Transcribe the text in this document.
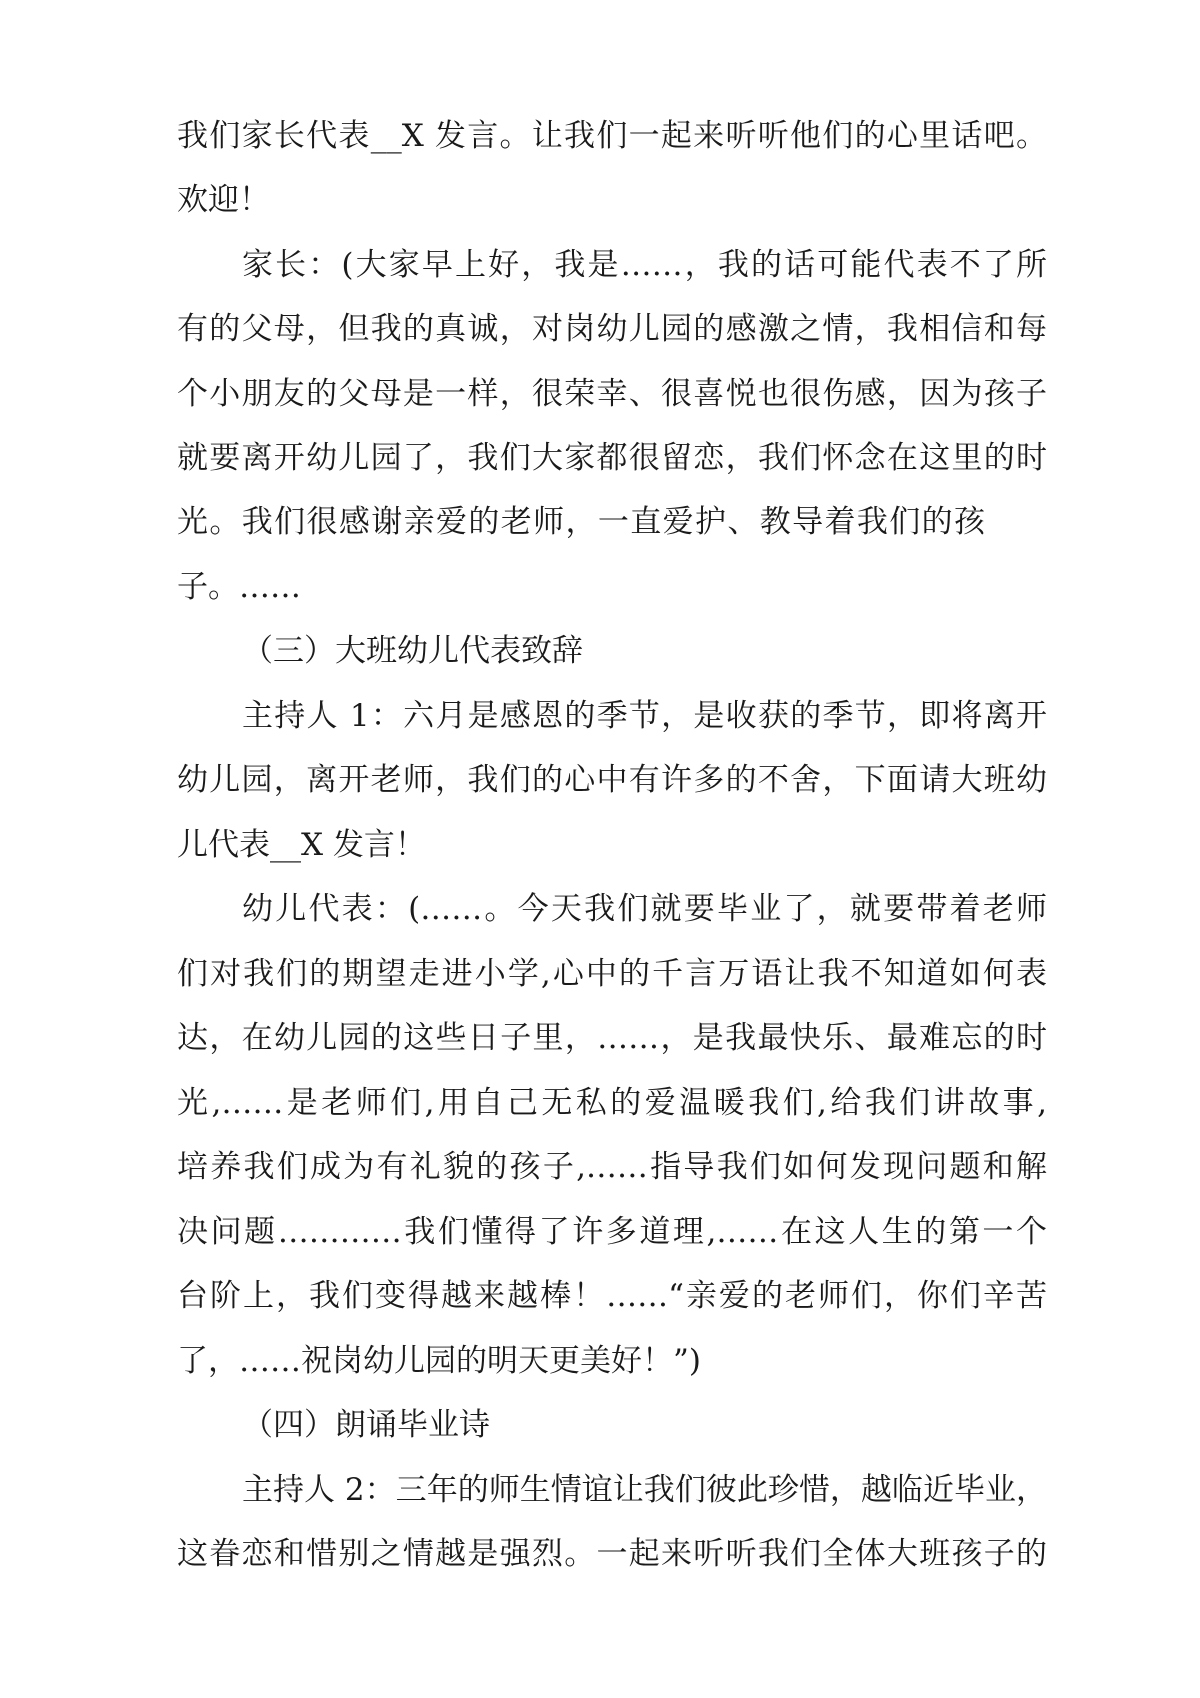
我们家长代表__X 发言。让我们一起来听听他们的心里话吧。
欢迎！
家长：(大家早上好，我是……，我的话可能代表不了所
有的父母，但我的真诚，对岗幼儿园的感激之情，我相信和每
个小朋友的父母是一样，很荣幸、很喜悦也很伤感，因为孩子
就要离开幼儿园了，我们大家都很留恋，我们怀念在这里的时
光。我们很感谢亲爱的老师，一直爱护、教导着我们的孩
子。……
（三）大班幼儿代表致辞
主持人 1：六月是感恩的季节，是收获的季节，即将离开
幼儿园，离开老师，我们的心中有许多的不舍，下面请大班幼
儿代表__X 发言！
幼儿代表：(……。今天我们就要毕业了，就要带着老师
们对我们的期望走进小学,心中的千言万语让我不知道如何表
达，在幼儿园的这些日子里，……，是我最快乐、最难忘的时
光,……是老师们,用自己无私的爱温暖我们,给我们讲故事,
培养我们成为有礼貌的孩子,……指导我们如何发现问题和解
决问题…………我们懂得了许多道理,……在这人生的第一个
台阶上，我们变得越来越棒！……“亲爱的老师们，你们辛苦
了，……祝岗幼儿园的明天更美好！”)
（四）朗诵毕业诗
主持人 2：三年的师生情谊让我们彼此珍惜，越临近毕业，
这眷恋和惜别之情越是强烈。一起来听听我们全体大班孩子的
